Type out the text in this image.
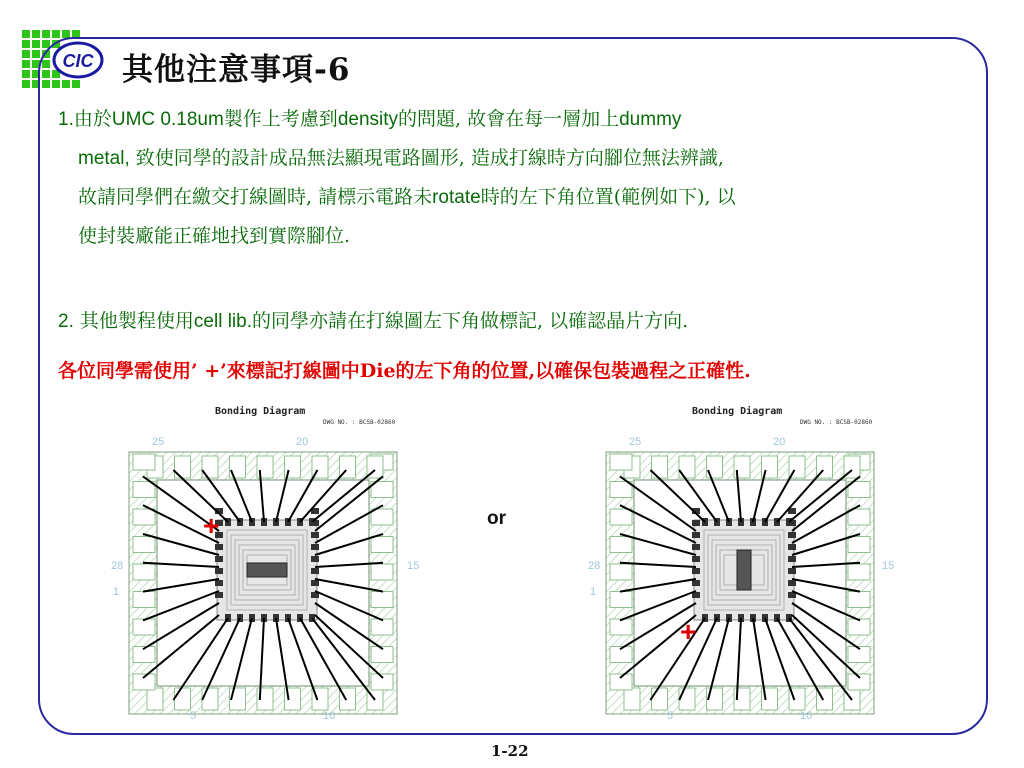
CIC 其他注意事項-6
1.由於UMC 0.18um製作上考慮到density的問題, 故會在每一層加上dummy
metal, 致使同學的設計成品無法顯現電路圖形, 造成打線時方向腳位無法辨識,
故請同學們在繳交打線圖時, 請標示電路未rotate時的左下角位置(範例如下), 以
使封裝廠能正確地找到實際腳位.
2. 其他製程使用cell lib.的同學亦請在打線圖左下角做標記, 以確認晶片方向.
各位同學需使用’ +’來標記打線圖中Die的左下角的位置,以確保包裝過程之正確性.
Bonding Diagram
DWG NO. : BCSB-02860
25	20
28
1
15
5	10
+	or
Bonding Diagram
DWG NO. : BCSB-02860
25	20
28
1
15
5	10
+
1-22
